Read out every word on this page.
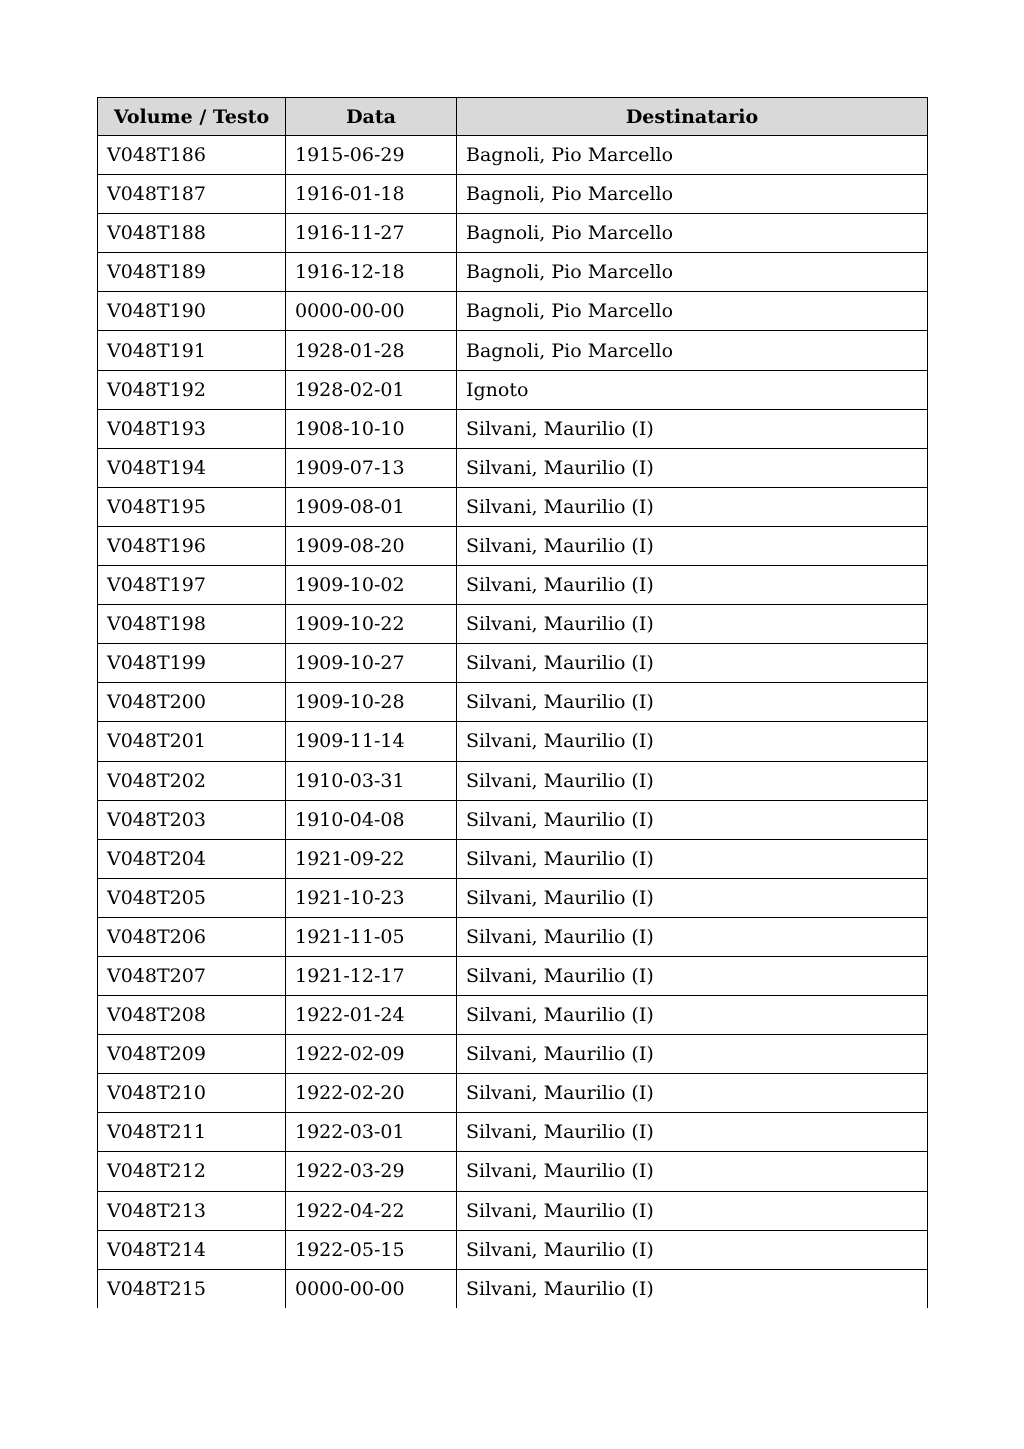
Volume / Testo	Data	Destinatario
V048T186	1915-06-29	Bagnoli, Pio Marcello
V048T187	1916-01-18	Bagnoli, Pio Marcello
V048T188	1916-11-27	Bagnoli, Pio Marcello
V048T189	1916-12-18	Bagnoli, Pio Marcello
V048T190	0000-00-00	Bagnoli, Pio Marcello
V048T191	1928-01-28	Bagnoli, Pio Marcello
V048T192	1928-02-01	Ignoto
V048T193	1908-10-10	Silvani, Maurilio (I)
V048T194	1909-07-13	Silvani, Maurilio (I)
V048T195	1909-08-01	Silvani, Maurilio (I)
V048T196	1909-08-20	Silvani, Maurilio (I)
V048T197	1909-10-02	Silvani, Maurilio (I)
V048T198	1909-10-22	Silvani, Maurilio (I)
V048T199	1909-10-27	Silvani, Maurilio (I)
V048T200	1909-10-28	Silvani, Maurilio (I)
V048T201	1909-11-14	Silvani, Maurilio (I)
V048T202	1910-03-31	Silvani, Maurilio (I)
V048T203	1910-04-08	Silvani, Maurilio (I)
V048T204	1921-09-22	Silvani, Maurilio (I)
V048T205	1921-10-23	Silvani, Maurilio (I)
V048T206	1921-11-05	Silvani, Maurilio (I)
V048T207	1921-12-17	Silvani, Maurilio (I)
V048T208	1922-01-24	Silvani, Maurilio (I)
V048T209	1922-02-09	Silvani, Maurilio (I)
V048T210	1922-02-20	Silvani, Maurilio (I)
V048T211	1922-03-01	Silvani, Maurilio (I)
V048T212	1922-03-29	Silvani, Maurilio (I)
V048T213	1922-04-22	Silvani, Maurilio (I)
V048T214	1922-05-15	Silvani, Maurilio (I)
V048T215	0000-00-00	Silvani, Maurilio (I)
